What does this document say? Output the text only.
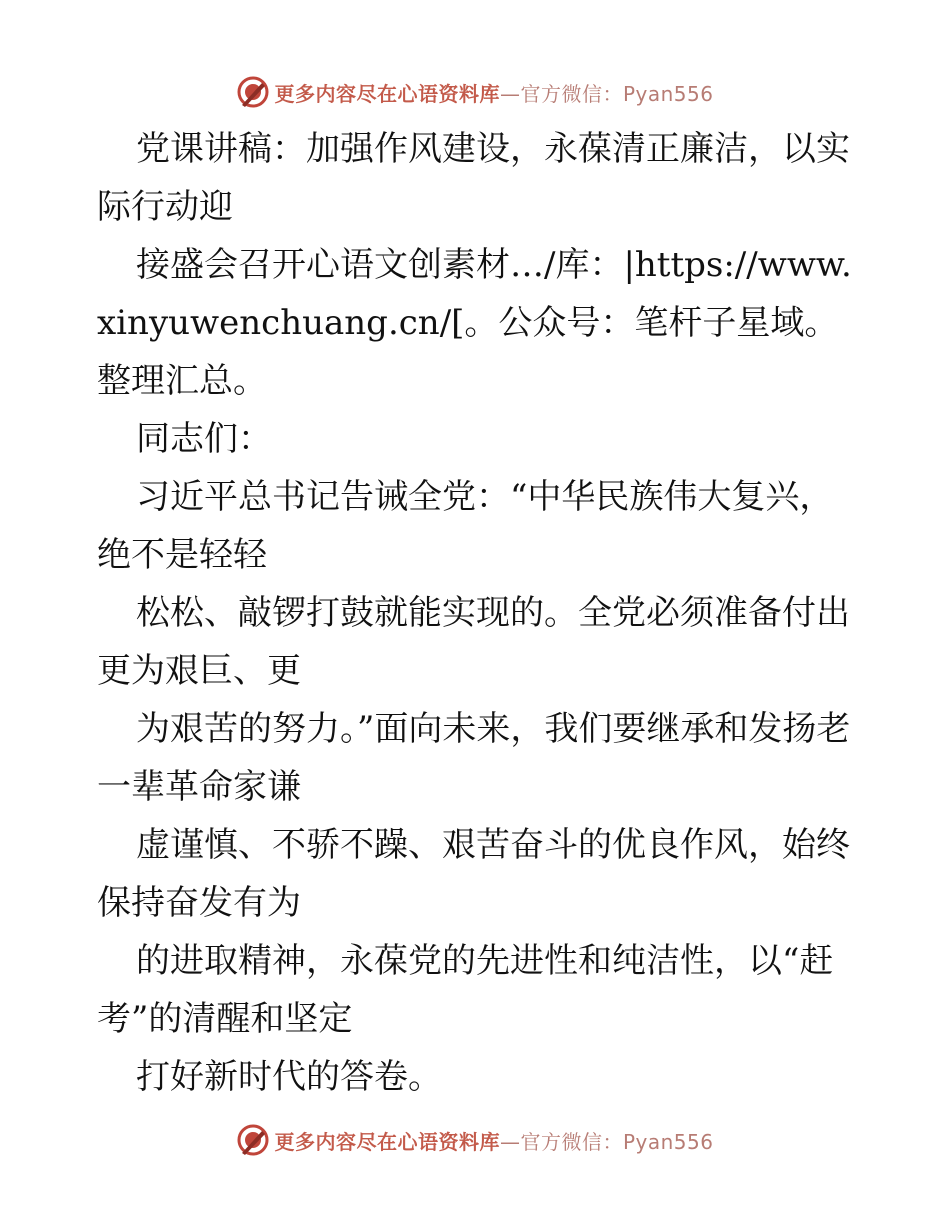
更多内容尽在心语资料库—官方微信：Pyan556

党课讲稿：加强作风建设，永葆清正廉洁，以实际行动迎

接盛会召开心语文创素材…/库：|https://www.xinyuwenchuang.cn/[。公众号：笔杆子星域。整理汇总。

同志们：

习近平总书记告诫全党：“中华民族伟大复兴，绝不是轻轻

松松、敲锣打鼓就能实现的。全党必须准备付出更为艰巨、更

为艰苦的努力。”面向未来，我们要继承和发扬老一辈革命家谦

虚谨慎、不骄不躁、艰苦奋斗的优良作风，始终保持奋发有为

的进取精神，永葆党的先进性和纯洁性，以“赶考”的清醒和坚定

打好新时代的答卷。

更多内容尽在心语资料库—官方微信：Pyan556
